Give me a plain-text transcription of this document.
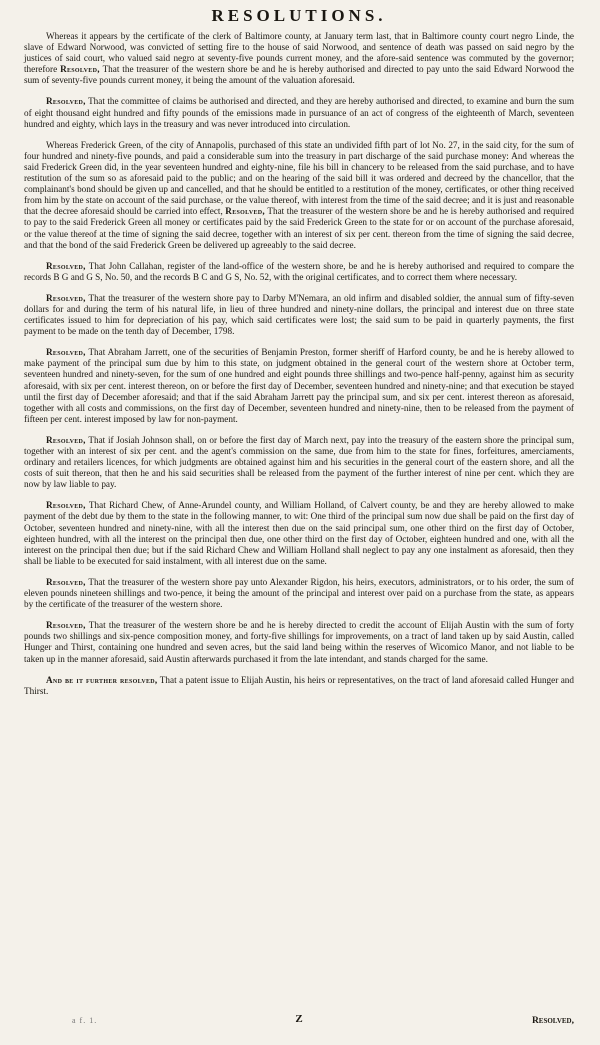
RESOLUTIONS.

Whereas it appears by the certificate of the clerk of Baltimore county, at January term last, that in Baltimore county court negro Linde, the slave of Edward Norwood, was convicted of setting fire to the house of said Norwood, and sentence of death was passed on said negro by the justices of said court, who valued said negro at seventy-five pounds current money, and the afore-said sentence was commuted by the governor; therefore Resolved, That the treasurer of the western shore be and he is hereby authorised and directed to pay unto the said Edward Norwood the sum of seventy-five pounds current money, it being the amount of the valuation aforesaid.

Resolved, That the committee of claims be authorised and directed, and they are hereby authorised and directed, to examine and burn the sum of eight thousand eight hundred and fifty pounds of the emissions made in pursuance of an act of congress of the eighteenth of March, seventeen hundred and eighty, which lays in the treasury and was never introduced into circulation.

Whereas Frederick Green, of the city of Annapolis, purchased of this state an undivided fifth part of lot No. 27, in the said city, for the sum of four hundred and ninety-five pounds, and paid a considerable sum into the treasury in part discharge of the said purchase money: And whereas the said Frederick Green did, in the year seventeen hundred and eighty-nine, file his bill in chancery to be released from the said purchase, and to have restitution of the sum so as aforesaid paid to the public; and on the hearing of the said bill it was ordered and decreed by the chancellor, that the complainant's bond should be given up and cancelled, and that he should be entitled to a restitution of the money, certificates, or other thing received from him by the state on account of the said purchase, or the value thereof, with interest from the time of the said decree; and it is just and reasonable that the decree aforesaid should be carried into effect, Resolved, That the treasurer of the western shore be and he is hereby authorised and required to pay to the said Frederick Green all money or certificates paid by the said Frederick Green to the state for or on account of the purchase aforesaid, or the value thereof at the time of signing the said decree, together with an interest of six per cent. thereon from the time of signing the said decree, and that the bond of the said Frederick Green be delivered up agreeably to the said decree.

Resolved, That John Callahan, register of the land-office of the western shore, be and he is hereby authorised and required to compare the records B G and G S, No. 50, and the records B C and G S, No. 52, with the original certificates, and to correct them where necessary.

Resolved, That the treasurer of the western shore pay to Darby M'Nemara, an old infirm and disabled soldier, the annual sum of fifty-seven dollars for and during the term of his natural life, in lieu of three hundred and ninety-nine dollars, the principal and interest due on three state certificates issued to him for depreciation of his pay, which said certificates were lost; the said sum to be paid in quarterly payments, the first payment to be made on the tenth day of December, 1798.

Resolved, That Abraham Jarrett, one of the securities of Benjamin Preston, former sheriff of Harford county, be and he is hereby allowed to make payment of the principal sum due by him to this state, on judgment obtained in the general court of the western shore at October term, seventeen hundred and ninety-seven, for the sum of one hundred and eight pounds three shillings and two-pence half-penny, against him as security aforesaid, with six per cent. interest thereon, on or before the first day of December, seventeen hundred and ninety-nine; and that execution be stayed until the first day of December aforesaid; and that if the said Abraham Jarrett pay the principal sum, and six per cent. interest thereon as aforesaid, together with all costs and commissions, on the first day of December, seventeen hundred and ninety-nine, then to be released from the payment of fifteen per cent. interest imposed by law for non-payment.

Resolved, That if Josiah Johnson shall, on or before the first day of March next, pay into the treasury of the eastern shore the principal sum, together with an interest of six per cent. and the agent's commission on the same, due from him to the state for fines, forfeitures, amerciaments, ordinary and retailers licences, for which judgments are obtained against him and his securities in the general court of the eastern shore, and all the costs of suit thereon, that then he and his said securities shall be released from the payment of the further interest of nine per cent. which they are now by law liable to pay.

Resolved, That Richard Chew, of Anne-Arundel county, and William Holland, of Calvert county, be and they are hereby allowed to make payment of the debt due by them to the state in the following manner, to wit: One third of the principal sum now due shall be paid on the first day of October, seventeen hundred and ninety-nine, with all the interest then due on the said principal sum, one other third on the first day of October, eighteen hundred, with all the interest on the principal then due, one other third on the first day of October, eighteen hundred and one, with all the interest on the principal then due; but if the said Richard Chew and William Holland shall neglect to pay any one instalment as aforesaid, then they shall be liable to be executed for said instalment, with all interest due on the same.

Resolved, That the treasurer of the western shore pay unto Alexander Rigdon, his heirs, executors, administrators, or to his order, the sum of eleven pounds nineteen shillings and two-pence, it being the amount of the principal and interest over paid on a purchase from the state, as appears by the certificate of the treasurer of the western shore.

Resolved, That the treasurer of the western shore be and he is hereby directed to credit the account of Elijah Austin with the sum of forty pounds two shillings and six-pence composition money, and forty-five shillings for improvements, on a tract of land taken up by said Austin, called Hunger and Thirst, containing one hundred and seven acres, but the said land being within the reserves of Wicomico Manor, and not liable to be taken up in the manner aforesaid, said Austin afterwards purchased it from the late intendant, and stands charged for the same.

And be it further resolved, That a patent issue to Elijah Austin, his heirs or representatives, on the tract of land aforesaid called Hunger and Thirst.

a f. 1.	Z	Resolved,
